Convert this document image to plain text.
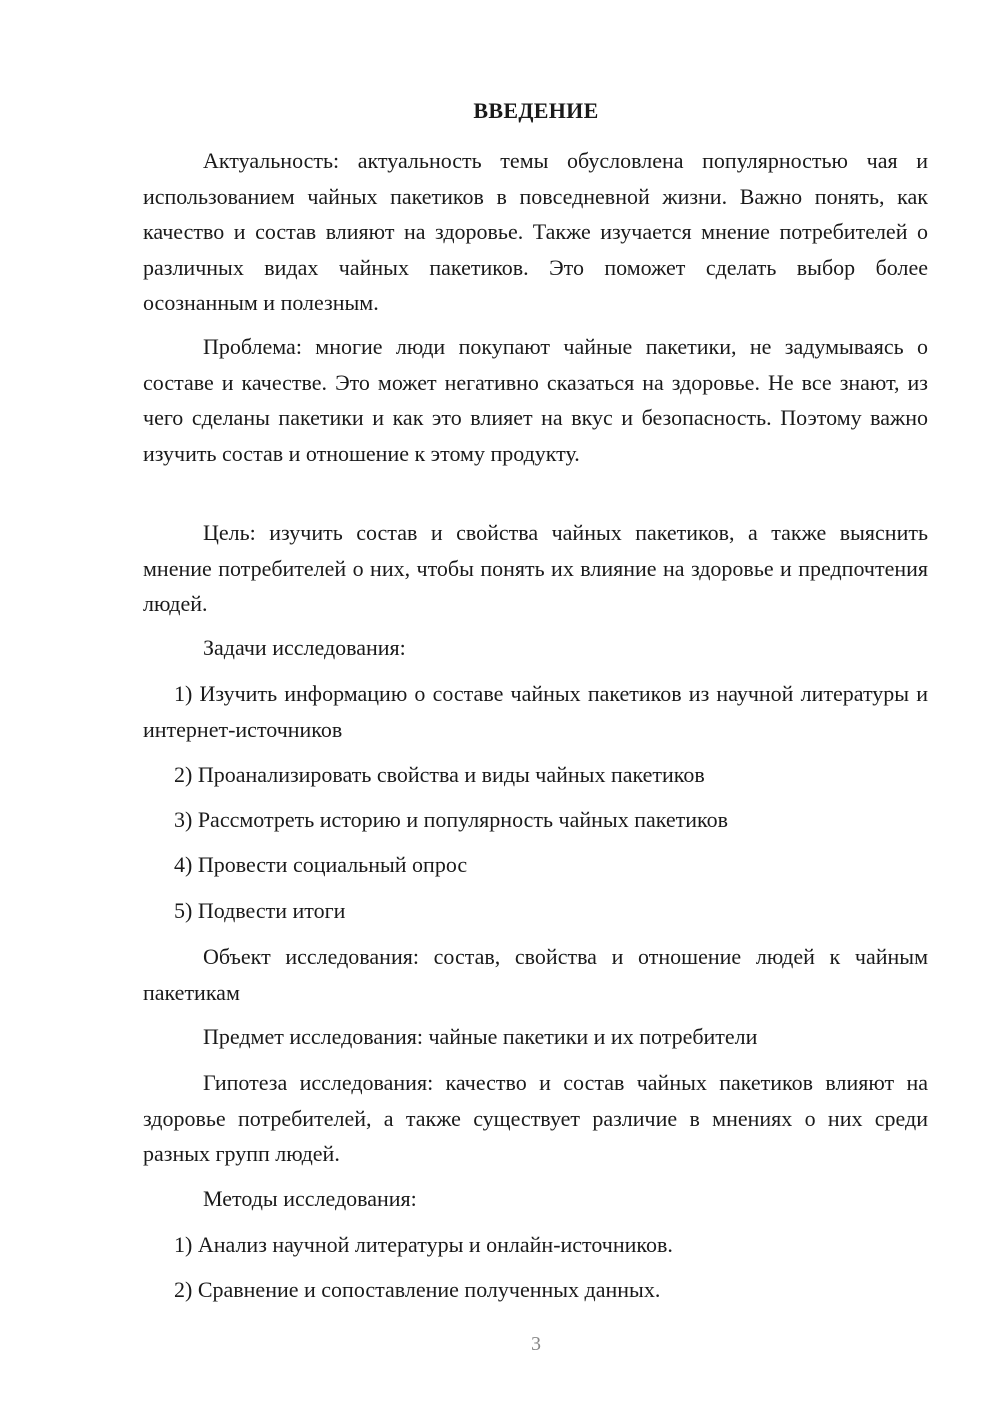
ВВЕДЕНИЕ

Актуальность: актуальность темы обусловлена популярностью чая и использованием чайных пакетиков в повседневной жизни. Важно понять, как качество и состав влияют на здоровье. Также изучается мнение потребителей о различных видах чайных пакетиков. Это поможет сделать выбор более осознанным и полезным.

Проблема: многие люди покупают чайные пакетики, не задумываясь о составе и качестве. Это может негативно сказаться на здоровье. Не все знают, из чего сделаны пакетики и как это влияет на вкус и безопасность. Поэтому важно изучить состав и отношение к этому продукту.

Цель: изучить состав и свойства чайных пакетиков, а также выяснить мнение потребителей о них, чтобы понять их влияние на здоровье и предпочтения людей.

Задачи исследования:

1) Изучить информацию о составе чайных пакетиков из научной литературы и интернет-источников

2) Проанализировать свойства и виды чайных пакетиков

3) Рассмотреть историю и популярность чайных пакетиков

4) Провести социальный опрос

5) Подвести итоги

Объект исследования: состав, свойства и отношение людей к чайным пакетикам

Предмет исследования: чайные пакетики и их потребители

Гипотеза исследования: качество и состав чайных пакетиков влияют на здоровье потребителей, а также существует различие в мнениях о них среди разных групп людей.

Методы исследования:

1) Анализ научной литературы и онлайн-источников.

2) Сравнение и сопоставление полученных данных.

3
